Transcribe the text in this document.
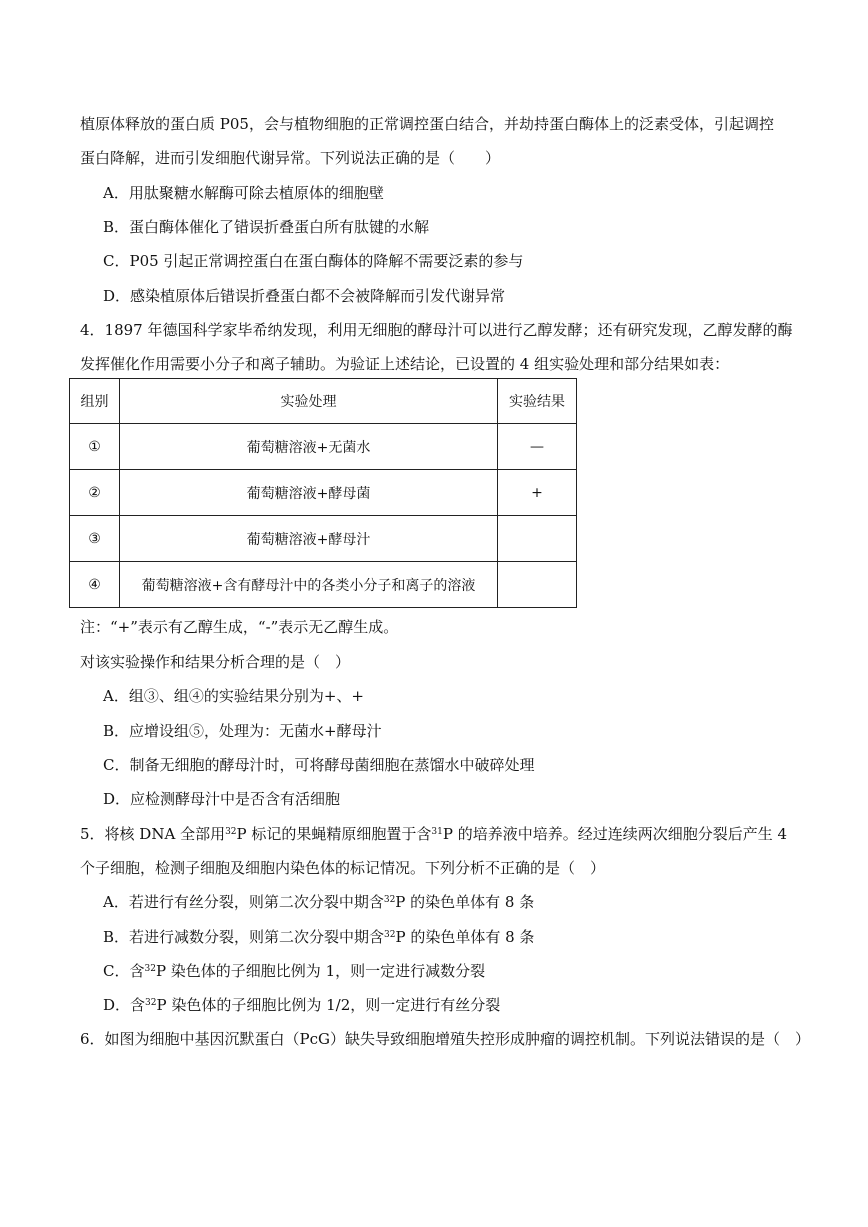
植原体释放的蛋白质 P05，会与植物细胞的正常调控蛋白结合，并劫持蛋白酶体上的泛素受体，引起调控
蛋白降解，进而引发细胞代谢异常。下列说法正确的是（　　）
A．用肽聚糖水解酶可除去植原体的细胞壁
B．蛋白酶体催化了错误折叠蛋白所有肽键的水解
C．P05 引起正常调控蛋白在蛋白酶体的降解不需要泛素的参与
D．感染植原体后错误折叠蛋白都不会被降解而引发代谢异常
4．1897 年德国科学家毕希纳发现，利用无细胞的酵母汁可以进行乙醇发酵；还有研究发现，乙醇发酵的酶
发挥催化作用需要小分子和离子辅助。为验证上述结论，已设置的 4 组实验处理和部分结果如表：
组别	实验处理	实验结果
①	葡萄糖溶液+无菌水	—
②	葡萄糖溶液+酵母菌	+
③	葡萄糖溶液+酵母汁	
④	葡萄糖溶液+含有酵母汁中的各类小分子和离子的溶液	
注：“+”表示有乙醇生成，“-”表示无乙醇生成。
对该实验操作和结果分析合理的是（　）
A．组③、组④的实验结果分别为+、+
B．应增设组⑤，处理为：无菌水+酵母汁
C．制备无细胞的酵母汁时，可将酵母菌细胞在蒸馏水中破碎处理
D．应检测酵母汁中是否含有活细胞
5．将核 DNA 全部用$^{32}$P 标记的果蝇精原细胞置于含$^{31}$P 的培养液中培养。经过连续两次细胞分裂后产生 4
个子细胞，检测子细胞及细胞内染色体的标记情况。下列分析不正确的是（　）
A．若进行有丝分裂，则第二次分裂中期含$^{32}$P 的染色单体有 8 条
B．若进行减数分裂，则第二次分裂中期含$^{32}$P 的染色单体有 8 条
C．含$^{32}$P 染色体的子细胞比例为 1，则一定进行减数分裂
D．含$^{32}$P 染色体的子细胞比例为 1/2，则一定进行有丝分裂
6．如图为细胞中基因沉默蛋白（PcG）缺失导致细胞增殖失控形成肿瘤的调控机制。下列说法错误的是（　）
